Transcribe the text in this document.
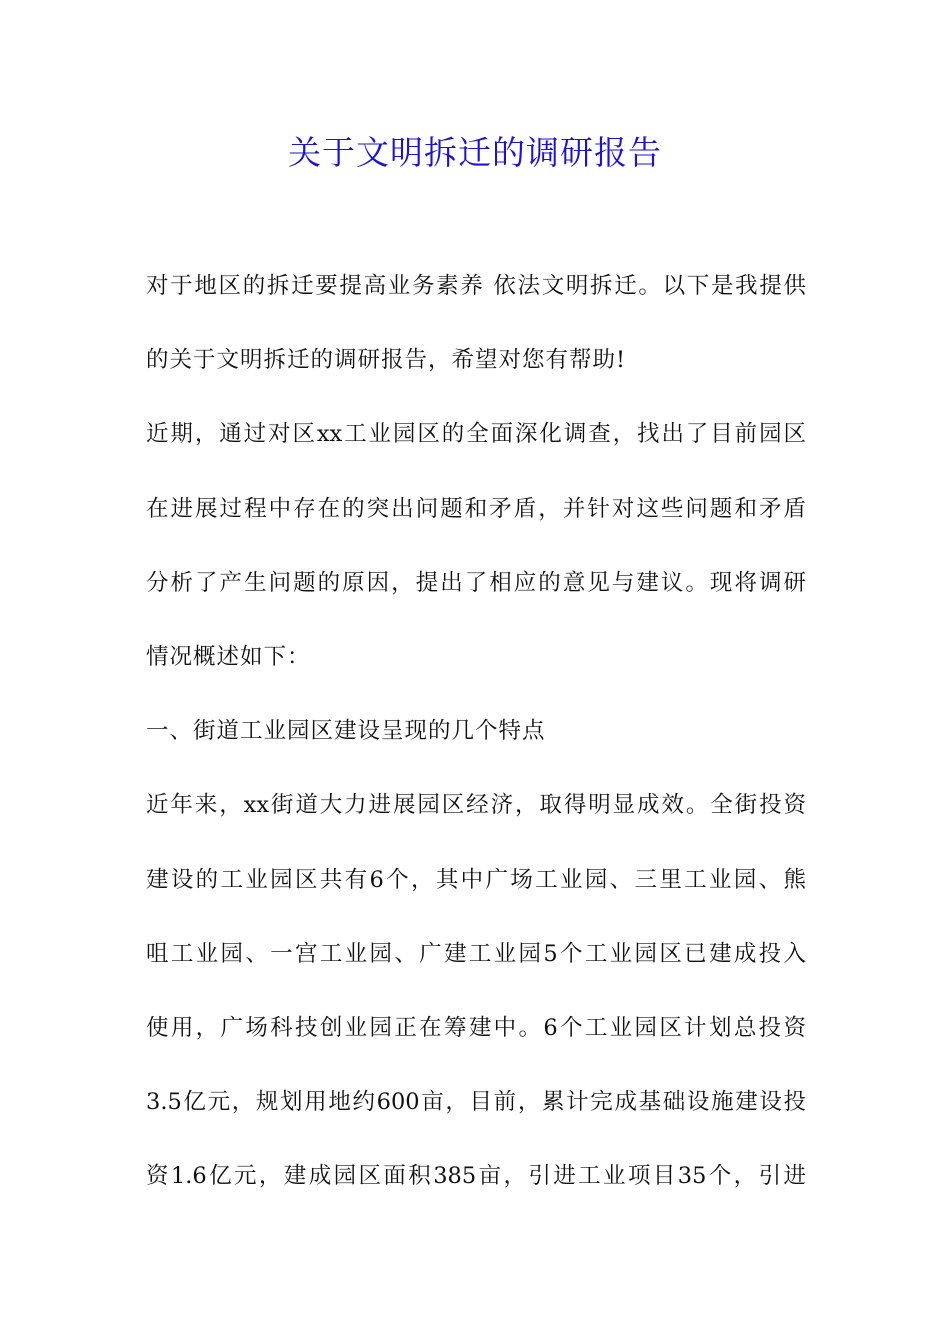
关于文明拆迁的调研报告
对于地区的拆迁要提高业务素养 依法文明拆迁。以下是我提供
的关于文明拆迁的调研报告，希望对您有帮助!
近期，通过对区xx工业园区的全面深化调查，找出了目前园区
在进展过程中存在的突出问题和矛盾，并针对这些问题和矛盾
分析了产生问题的原因，提出了相应的意见与建议。现将调研
情况概述如下：
一、街道工业园区建设呈现的几个特点
近年来，xx街道大力进展园区经济，取得明显成效。全街投资
建设的工业园区共有6个，其中广场工业园、三里工业园、熊
咀工业园、一宫工业园、广建工业园5个工业园区已建成投入
使用，广场科技创业园正在筹建中。6个工业园区计划总投资
3.5亿元，规划用地约600亩，目前，累计完成基础设施建设投
资1.6亿元，建成园区面积385亩，引进工业项目35个，引进
